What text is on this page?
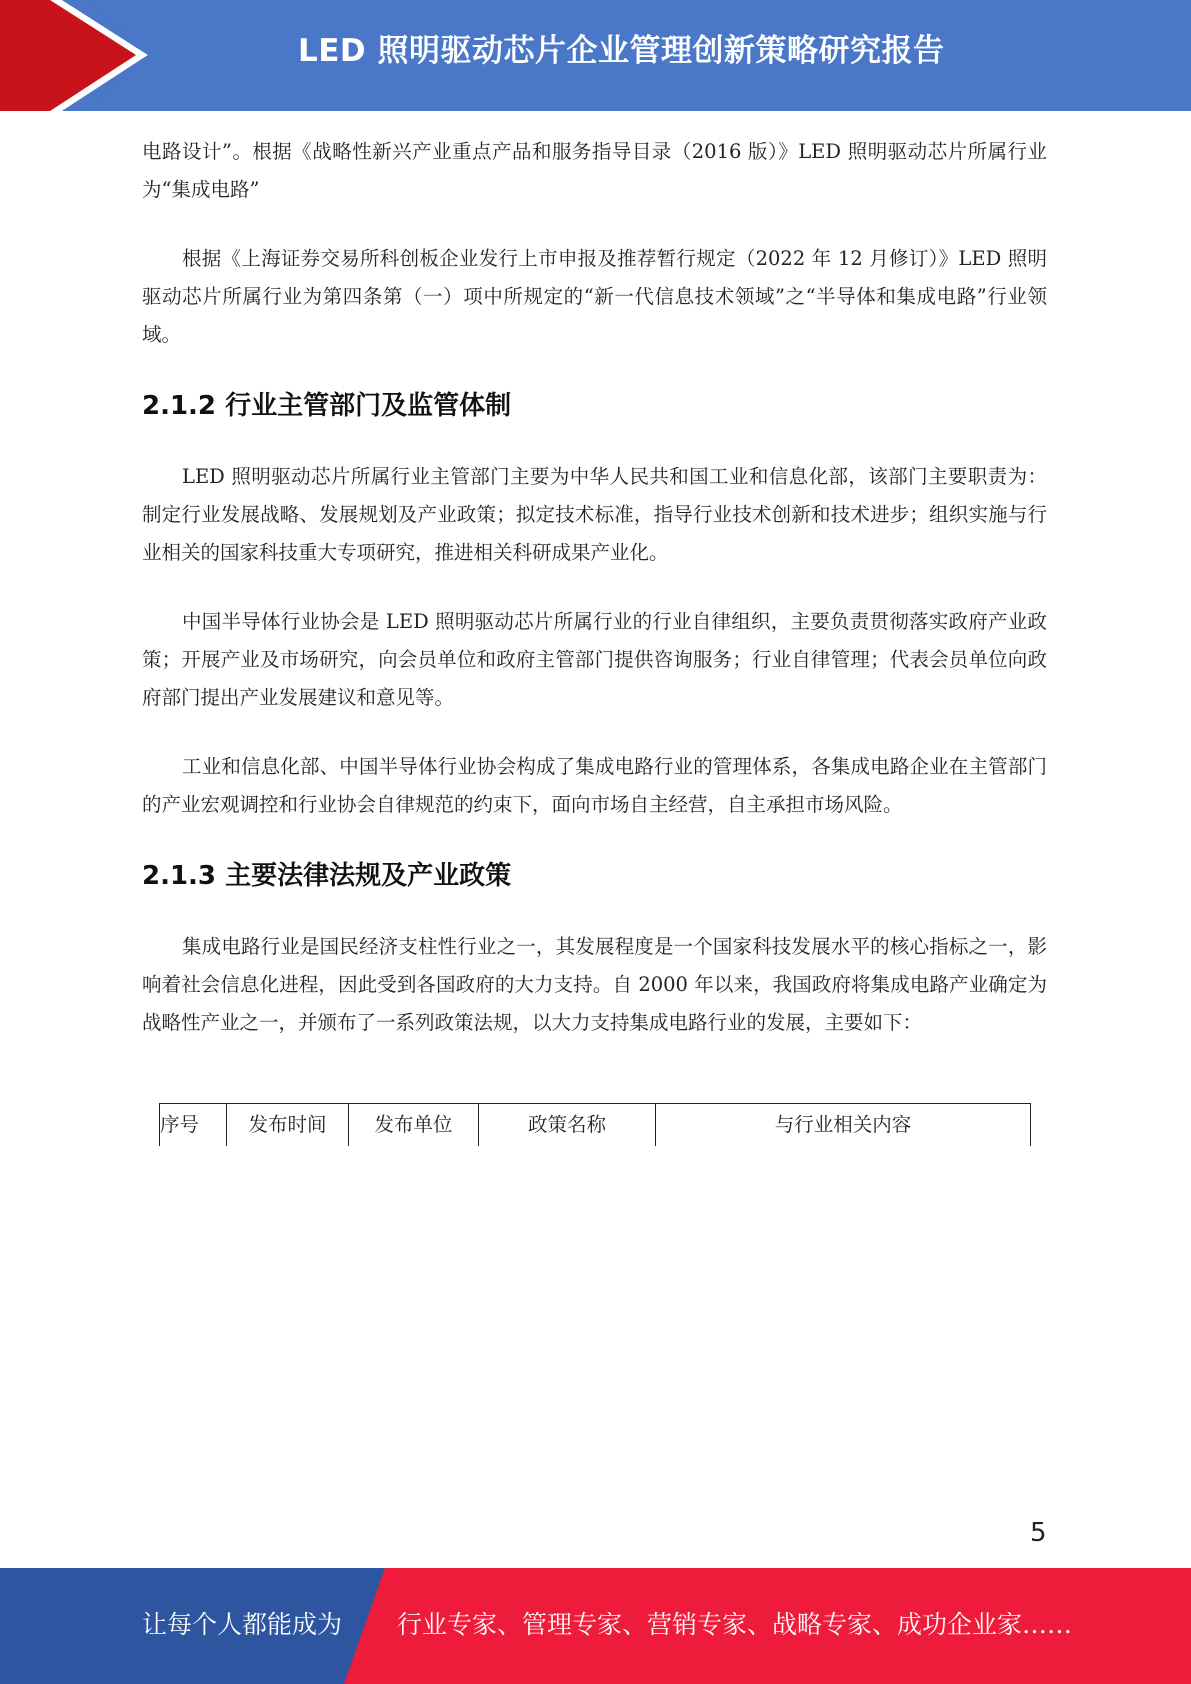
LED 照明驱动芯片企业管理创新策略研究报告

电路设计”。根据《战略性新兴产业重点产品和服务指导目录（2016 版）》LED 照明驱动芯片所属行业为“集成电路”

根据《上海证券交易所科创板企业发行上市申报及推荐暂行规定（2022 年 12 月修订）》LED 照明驱动芯片所属行业为第四条第（一）项中所规定的“新一代信息技术领域”之“半导体和集成电路”行业领域。

2.1.2 行业主管部门及监管体制

LED 照明驱动芯片所属行业主管部门主要为中华人民共和国工业和信息化部，该部门主要职责为：制定行业发展战略、发展规划及产业政策；拟定技术标准，指导行业技术创新和技术进步；组织实施与行业相关的国家科技重大专项研究，推进相关科研成果产业化。

中国半导体行业协会是 LED 照明驱动芯片所属行业的行业自律组织，主要负责贯彻落实政府产业政策；开展产业及市场研究，向会员单位和政府主管部门提供咨询服务；行业自律管理；代表会员单位向政府部门提出产业发展建议和意见等。

工业和信息化部、中国半导体行业协会构成了集成电路行业的管理体系，各集成电路企业在主管部门的产业宏观调控和行业协会自律规范的约束下，面向市场自主经营，自主承担市场风险。

2.1.3 主要法律法规及产业政策

集成电路行业是国民经济支柱性行业之一，其发展程度是一个国家科技发展水平的核心指标之一，影响着社会信息化进程，因此受到各国政府的大力支持。自 2000 年以来，我国政府将集成电路产业确定为战略性产业之一，并颁布了一系列政策法规，以大力支持集成电路行业的发展，主要如下：

序号	发布时间	发布单位	政策名称	与行业相关内容
5
让每个人都能成为 行业专家、管理专家、营销专家、战略专家、成功企业家……
